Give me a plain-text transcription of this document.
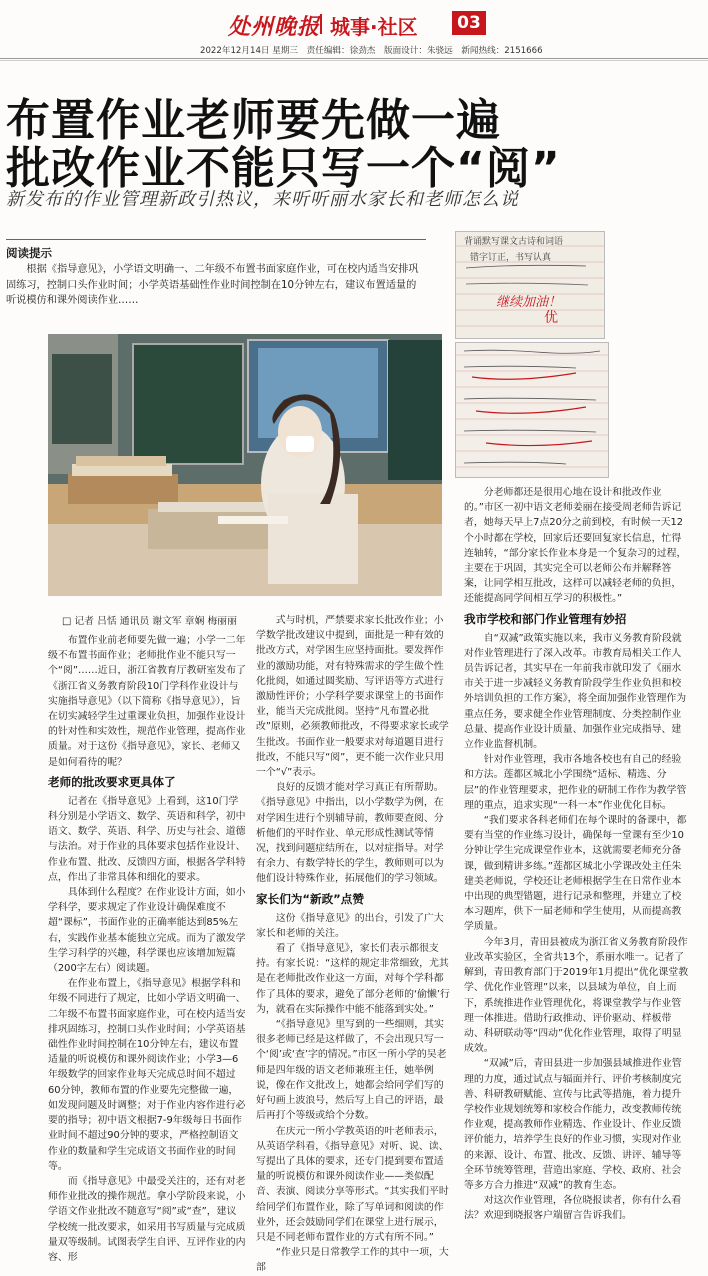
处州晚报 城事·社区	03
2022年12月14日 星期三　责任编辑：徐劲杰　版面设计：朱骁远　新闻热线：2151666
布置作业老师要先做一遍
批改作业不能只写一个“阅”
新发布的作业管理新政引热议，来听听丽水家长和老师怎么说
阅读提示
根据《指导意见》，小学语文明确一、二年级不布置书面家庭作业，可在校内适当安排巩固练习，控制口头作业时间；小学英语基础性作业时间控制在10分钟左右，建议布置适量的听说模仿和课外阅读作业……
背诵默写课文古诗和词语
错字订正，书写认真
继续加油！
优
□ 记者 吕恬 通讯员 谢文军 章娴 梅丽丽

布置作业前老师要先做一遍；小学一二年级不布置书面作业；老师批作业不能只写一个“阅”……近日，浙江省教育厅教研室发布了《浙江省义务教育阶段10门学科作业设计与实施指导意见》（以下简称《指导意见》），旨在切实减轻学生过重课业负担，加强作业设计的针对性和实效性，规范作业管理，提高作业质量。对于这份《指导意见》，家长、老师又是如何看待的呢？

老师的批改要求更具体了

记者在《指导意见》上看到，这10门学科分别是小学语文、数学、英语和科学，初中语文、数学、英语、科学、历史与社会、道德与法治。对于作业的具体要求包括作业设计、作业布置、批改、反馈四方面，根据各学科特点，作出了非常具体和细化的要求。

具体到什么程度？在作业设计方面，如小学科学，要求规定了作业设计确保难度不超“课标”，书面作业的正确率能达到85%左右，实践作业基本能独立完成。而为了激发学生学习科学的兴趣，科学课也应该增加短篇（200字左右）阅读题。

在作业布置上，《指导意见》根据学科和年级不同进行了规定，比如小学语文明确一、二年级不布置书面家庭作业，可在校内适当安排巩固练习，控制口头作业时间；小学英语基础性作业时间控制在10分钟左右，建议布置适量的听说模仿和课外阅读作业；小学3—6年级数学的回家作业每天完成总时间不超过60分钟，教师布置的作业要先完整做一遍，如发现问题及时调整；对于作业内容作进行必要的指导；初中语文根据7-9年级每日书面作业时间不超过90分钟的要求，严格控制语文作业的数量和学生完成语文书面作业的时间等。

而《指导意见》中最受关注的，还有对老师作业批改的操作规范。拿小学阶段来说，小学语文作业批改不随意写“阅”或“查”，建议学校统一批改要求，如采用书写质量与完成质量双等级制。试图表学生自评、互评作业的内容、形

式与时机，严禁要求家长批改作业；小学数学批改建议中提到，面批是一种有效的批改方式，对学困生应坚持面批。要发挥作业的激励功能，对有特殊需求的学生做个性化批阅，如通过圆奖励、写评语等方式进行激励性评价；小学科学要求课堂上的书面作业，能当天完成批阅。坚持“凡布置必批改”原则，必须教师批改，不得要求家长或学生批改。书面作业一般要求对每道题目进行批改，不能只写“阅”，更不能一次作业只用一个“√”表示。

良好的反馈才能对学习真正有所帮助。《指导意见》中指出，以小学数学为例，在对学困生进行个别辅导前，教师要查阅、分析他们的平时作业、单元形成性测试等情况，找到问题症结所在，以对症指导。对学有余力、有数学特长的学生，教师则可以为他们设计特殊作业，拓展他们的学习领域。

家长们为“新政”点赞

这份《指导意见》的出台，引发了广大家长和老师的关注。

看了《指导意见》，家长们表示都很支持。有家长说：“这样的规定非常细致，尤其是在老师批改作业这一方面，对每个学科都作了具体的要求，避免了部分老师的‘偷懒’行为，就看在实际操作中能不能落到实处。”

“《指导意见》里写到的一些细则，其实很多老师已经是这样做了，不会出现只写一个‘阅’或‘查’字的情况。”市区一所小学的吴老师是四年级的语文老师兼班主任，她举例说，像在作文批改上，她都会给同学们写的好句画上波浪号，然后写上自己的评语，最后再打个等级或给个分数。

在庆元一所小学教英语的叶老师表示，从英语学科看，《指导意见》对听、说、读、写提出了具体的要求，还专门提到要布置适量的听说模仿和课外阅读作业——类似配音、表演、阅读分享等形式。“其实我们平时给同学们布置作业，除了写单词和阅读的作业外，还会鼓励同学们在课堂上进行展示，只是不同老师布置作业的方式有所不同。”

“作业只是日常教学工作的其中一项，大部

分老师都还是很用心地在设计和批改作业的。”市区一初中语文老师姜丽在接受周老师告诉记者，她每天早上7点20分之前到校，有时候一天12个小时都在学校，回家后还要回复家长信息，忙得连轴转，“部分家长作业本身是一个复杂习的过程，主要在于巩固，其实完全可以老师公布并解释答案，让同学相互批改，这样可以减轻老师的负担，还能提高同学间相互学习的积极性。”

我市学校和部门作业管理有妙招

自“双减”政策实施以来，我市义务教育阶段就对作业管理进行了深入改革。市教育局相关工作人员告诉记者，其实早在一年前我市就印发了《丽水市关于进一步减轻义务教育阶段学生作业负担和校外培训负担的工作方案》，将全面加强作业管理作为重点任务，要求健全作业管理制度、分类控制作业总量、提高作业设计质量、加强作业完成指导、建立作业监督机制。

针对作业管理，我市各地各校也有自己的经验和方法。莲都区城北小学围绕“适标、精选、分层”的作业管理要求，把作业的研制工作作为教学管理的重点，追求实现“一科一本”作业优化目标。

“我们要求各科老师们在每个课时的备课中，都要有当堂的作业练习设计，确保每一堂课有至少10分钟让学生完成课堂作业本，这就需要老师充分备课，做到精讲多练。”莲都区城北小学课改处主任朱建美老师说，学校还让老师根据学生在日常作业本中出现的典型错题，进行记录和整理，并建立了校本习题库，供下一届老师和学生使用，从而提高教学质量。

今年3月，青田县被成为浙江省义务教育阶段作业改革实验区，全省共13个，系丽水唯一。记者了解到，青田教育部门于2019年1月提出“优化课堂教学、优化作业管理”以来，以县域为单位，自上而下，系统推进作业管理优化，将课堂教学与作业管理一体推进。借助行政推动、评价驱动、样板带动、科研联动等“四动”优化作业管理，取得了明显成效。

“双减”后，青田县进一步加强县域推进作业管理的力度，通过试点与辐面并行、评价考核制度完善、科研教研赋能、宣传与比武等措施，着力提升学校作业规划统筹和家校合作能力，改变教师传统作业观，提高教师作业精选、作业设计、作业反馈评价能力，培养学生良好的作业习惯，实现对作业的来源、设计、布置、批改、反馈、讲评、辅导等全环节统筹管理，营造出家庭、学校、政府、社会等多方合力推进“双减”的教育生态。

对这次作业管理，各位晓报读者，你有什么看法？欢迎到晓报客户端留言告诉我们。
